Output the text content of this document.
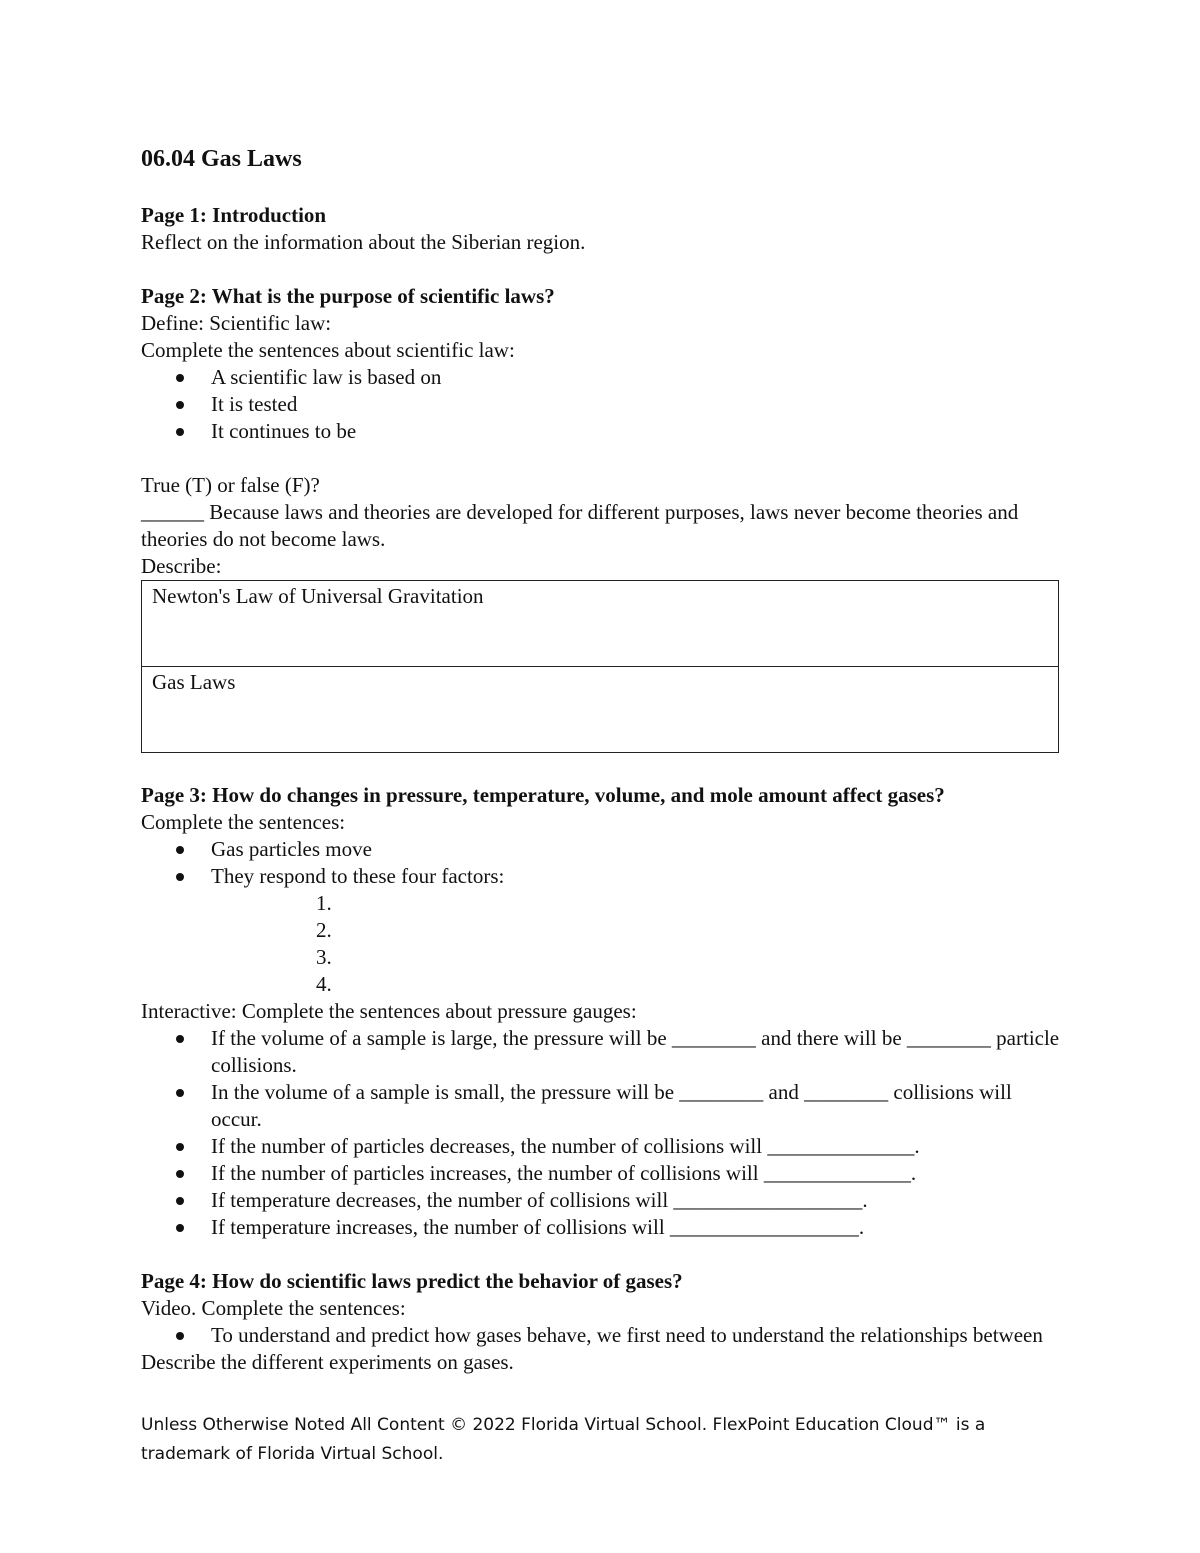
06.04 Gas Laws
Page 1: Introduction
Reflect on the information about the Siberian region.
Page 2: What is the purpose of scientific laws?
Define: Scientific law:
Complete the sentences about scientific law:
A scientific law is based on
It is tested
It continues to be
True (T) or false (F)?
______ Because laws and theories are developed for different purposes, laws never become theories and theories do not become laws.
Describe:
Newton's Law of Universal Gravitation
Gas Laws
Page 3: How do changes in pressure, temperature, volume, and mole amount affect gases?
Complete the sentences:
Gas particles move
They respond to these four factors:
1.
2.
3.
4.
Interactive: Complete the sentences about pressure gauges:
If the volume of a sample is large, the pressure will be ________ and there will be ________ particle collisions.
In the volume of a sample is small, the pressure will be ________ and ________ collisions will occur.
If the number of particles decreases, the number of collisions will ______________.
If the number of particles increases, the number of collisions will ______________.
If temperature decreases, the number of collisions will __________________.
If temperature increases, the number of collisions will __________________.
Page 4: How do scientific laws predict the behavior of gases?
Video. Complete the sentences:
To understand and predict how gases behave, we first need to understand the relationships between
Describe the different experiments on gases.
Unless Otherwise Noted All Content © 2022 Florida Virtual School. FlexPoint Education Cloud™ is a trademark of Florida Virtual School.
